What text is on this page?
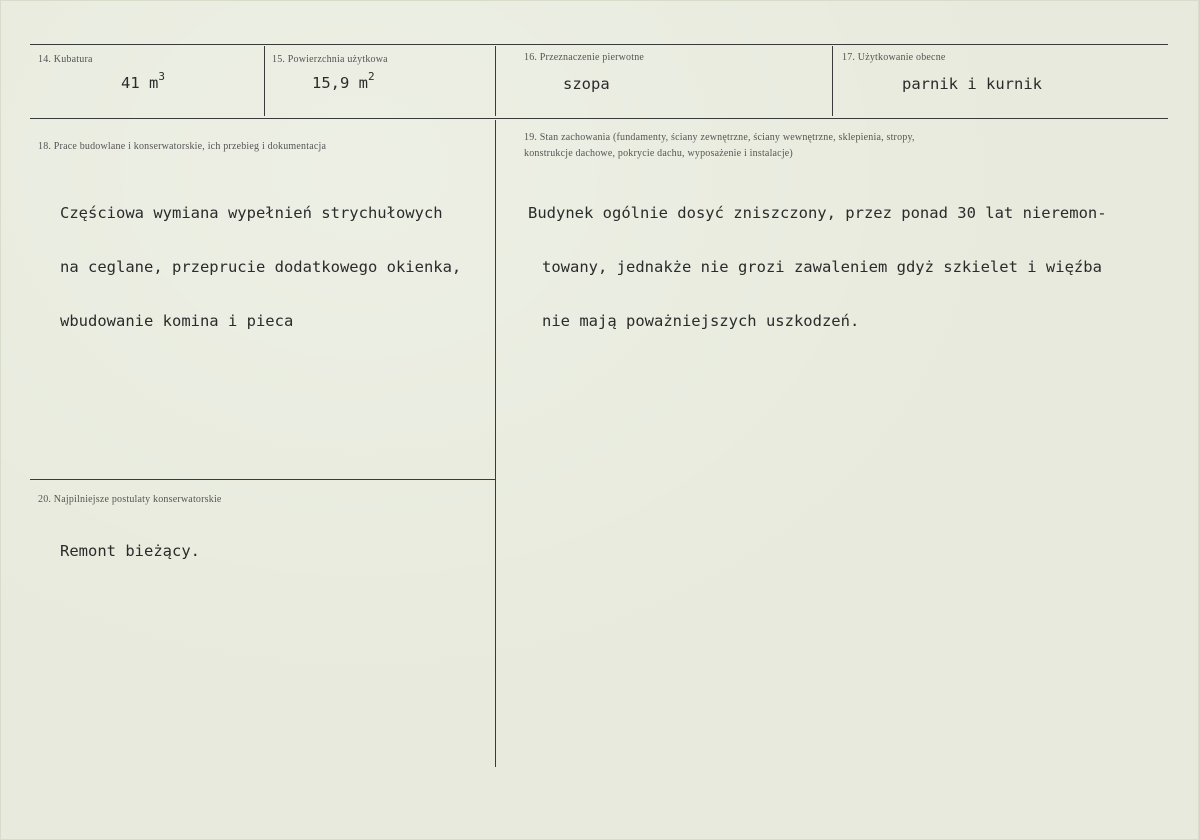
14. Kubatura
41 $m^3$
15. Powierzchnia użytkowa
15,9 $m^2$
16. Przeznaczenie pierwotne
szopa
17. Użytkowanie obecne
parnik i kurnik
18. Prace budowlane i konserwatorskie, ich przebieg i dokumentacja

Częściowa wymiana wypełnień strychułowych

na ceglane, przeprucie dodatkowego okienka,

wbudowanie komina i pieca

19. Stan zachowania (fundamenty, ściany zewnętrzne, ściany wewnętrzne, sklepienia, stropy,
konstrukcje dachowe, pokrycie dachu, wyposażenie i instalacje)

Budynek ogólnie dosyć zniszczony, przez ponad 30 lat nieremon-

towany, jednakże nie grozi zawaleniem gdyż szkielet i więźba

nie mają poważniejszych uszkodzeń.

20. Najpilniejsze postulaty konserwatorskie
Remont bieżący.
